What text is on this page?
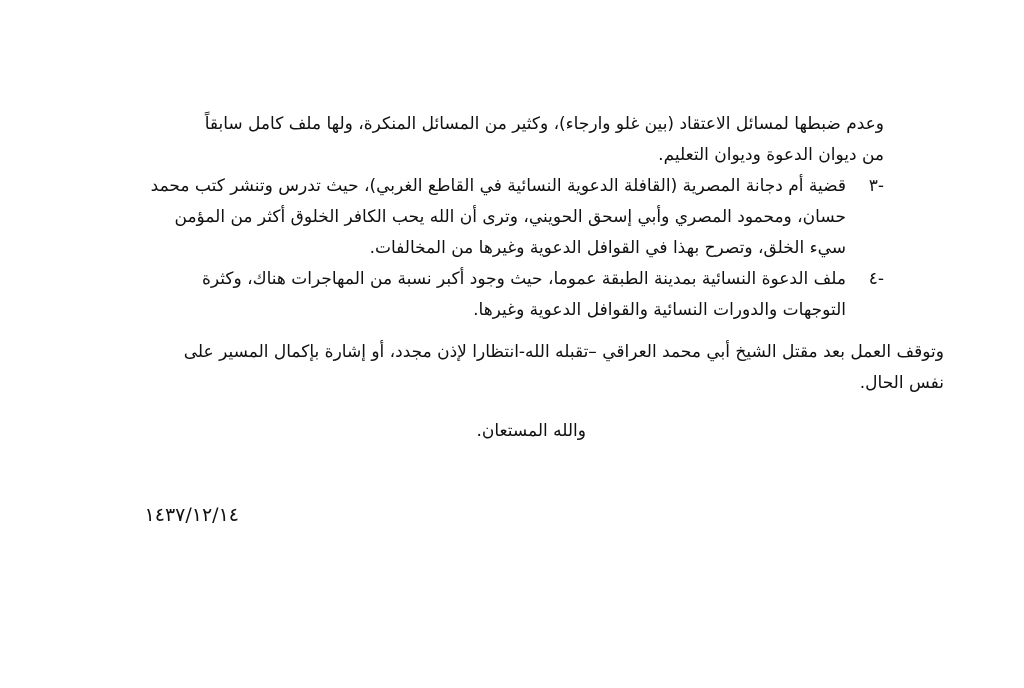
وعدم ضبطها لمسائل الاعتقاد (بين غلو وارجاء)، وكثير من المسائل المنكرة، ولها ملف كامل سابقاً
من ديوان الدعوة وديوان التعليم.
-٣
قضية أم دجانة المصرية (القافلة الدعوية النسائية في القاطع الغربي)، حيث تدرس وتنشر كتب محمد
حسان، ومحمود المصري وأبي إسحق الحويني، وترى أن الله يحب الكافر الخلوق أكثر من المؤمن
سيء الخلق، وتصرح بهذا في القوافل الدعوية وغيرها من المخالفات.
-٤
ملف الدعوة النسائية بمدينة الطبقة عموما، حيث وجود أكبر نسبة من المهاجرات هناك، وكثرة
التوجهات والدورات النسائية والقوافل الدعوية وغيرها.
وتوقف العمل بعد مقتل الشيخ أبي محمد العراقي –تقبله الله-انتظارا لإذن مجدد، أو إشارة بإكمال المسير على
نفس الحال.
والله المستعان.
١٤٣٧/١٢/١٤
